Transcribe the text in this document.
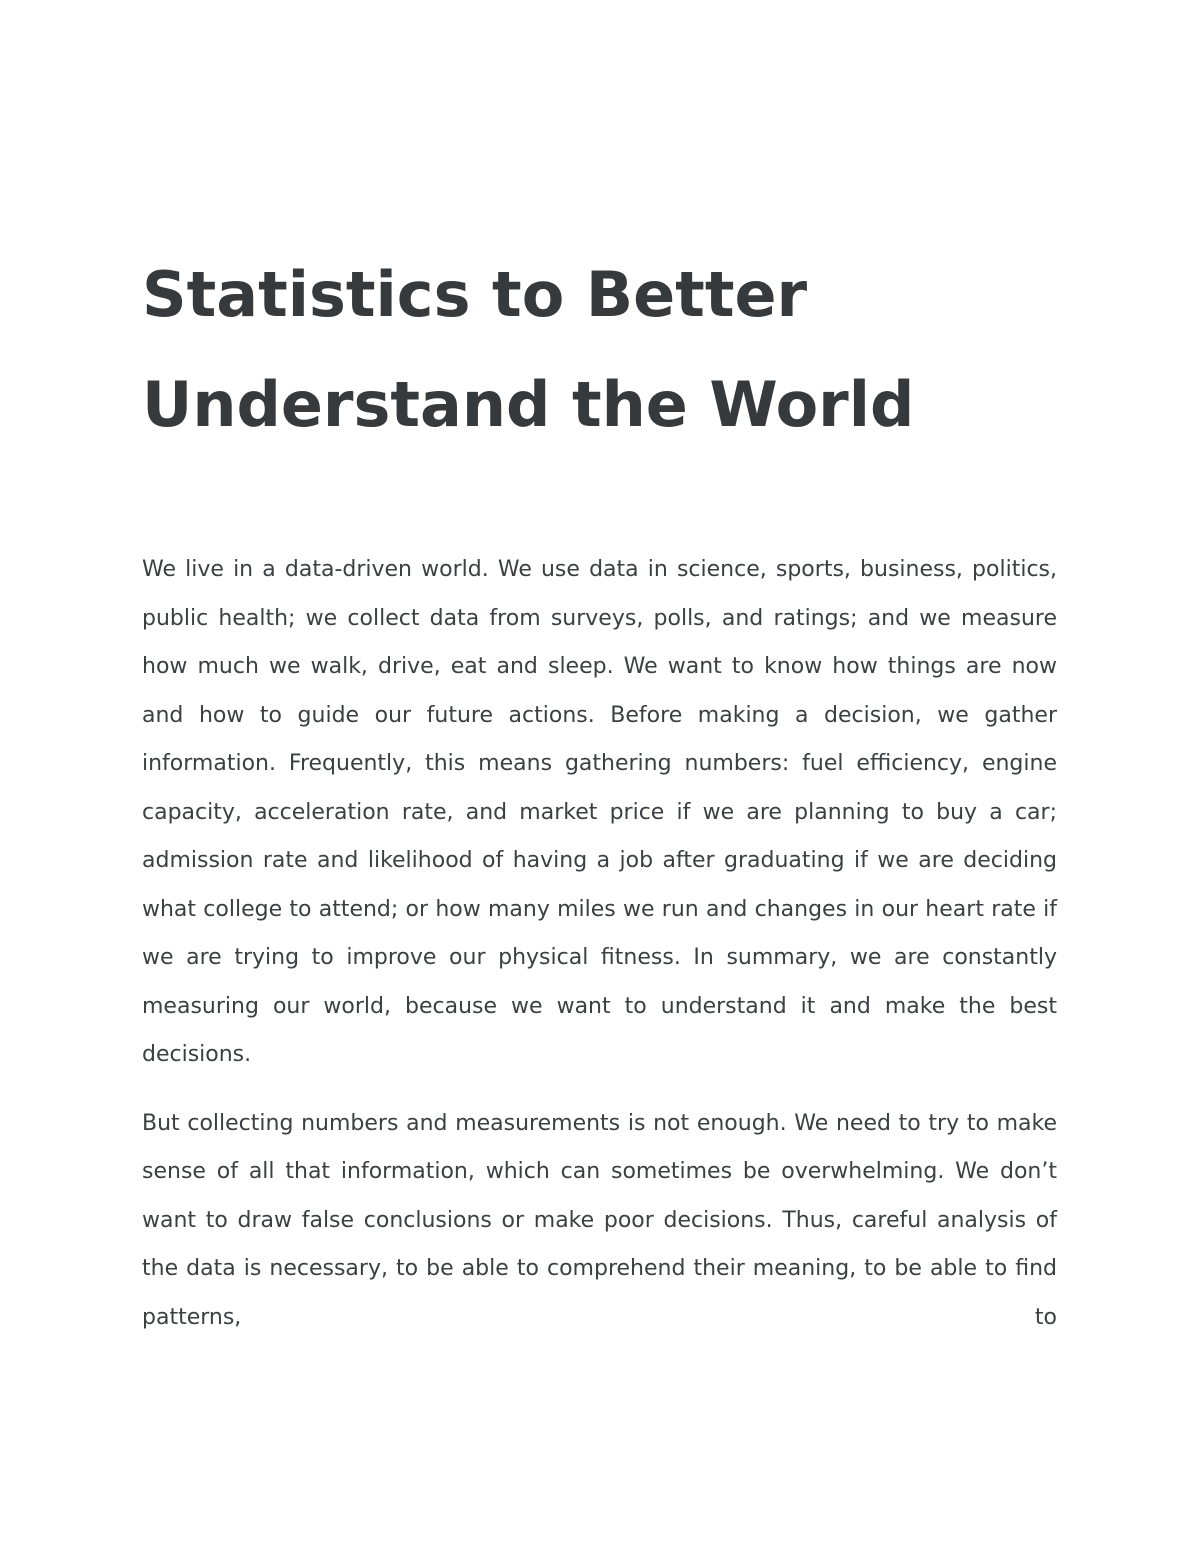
Statistics to Better
Understand the World

We live in a data-driven world. We use data in science, sports, business, politics, public health; we collect data from surveys, polls, and ratings; and we measure how much we walk, drive, eat and sleep. We want to know how things are now and how to guide our future actions. Before making a decision, we gather information. Frequently, this means gathering numbers: fuel efficiency, engine capacity, acceleration rate, and market price if we are planning to buy a car; admission rate and likelihood of having a job after graduating if we are deciding what college to attend; or how many miles we run and changes in our heart rate if we are trying to improve our physical fitness. In summary, we are constantly measuring our world, because we want to understand it and make the best decisions.

But collecting numbers and measurements is not enough. We need to try to make sense of all that information, which can sometimes be overwhelming. We don’t want to draw false conclusions or make poor decisions. Thus, careful analysis of the data is necessary, to be able to comprehend their meaning, to be able to find patterns, to
